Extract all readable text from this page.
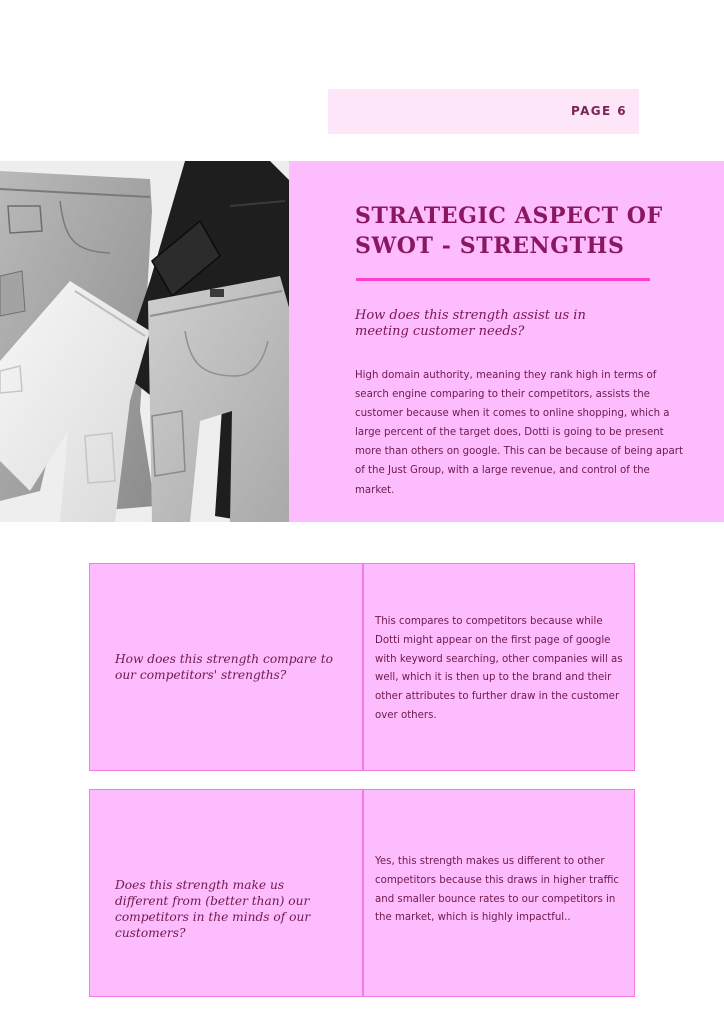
PAGE 6
STRATEGIC ASPECT OF SWOT - STRENGTHS

How does this strength assist us in meeting customer needs?

High domain authority, meaning they rank high in terms of search engine comparing to their competitors, assists the customer because when it comes to online shopping, which a large percent of the target does, Dotti is going to be present more than others on google. This can be because of being apart of the Just Group, with a large revenue, and control of the market.

How does this strength compare to our competitors' strengths?

This compares to competitors because while Dotti might appear on the first page of google with keyword searching, other companies will as well, which it is then up to the brand and their other attributes to further draw in the customer over others.

Does this strength make us different from (better than) our competitors in the minds of our customers?

Yes, this strength makes us different to other competitors because this draws in higher traffic and smaller bounce rates to our competitors in the market, which is highly impactful..
